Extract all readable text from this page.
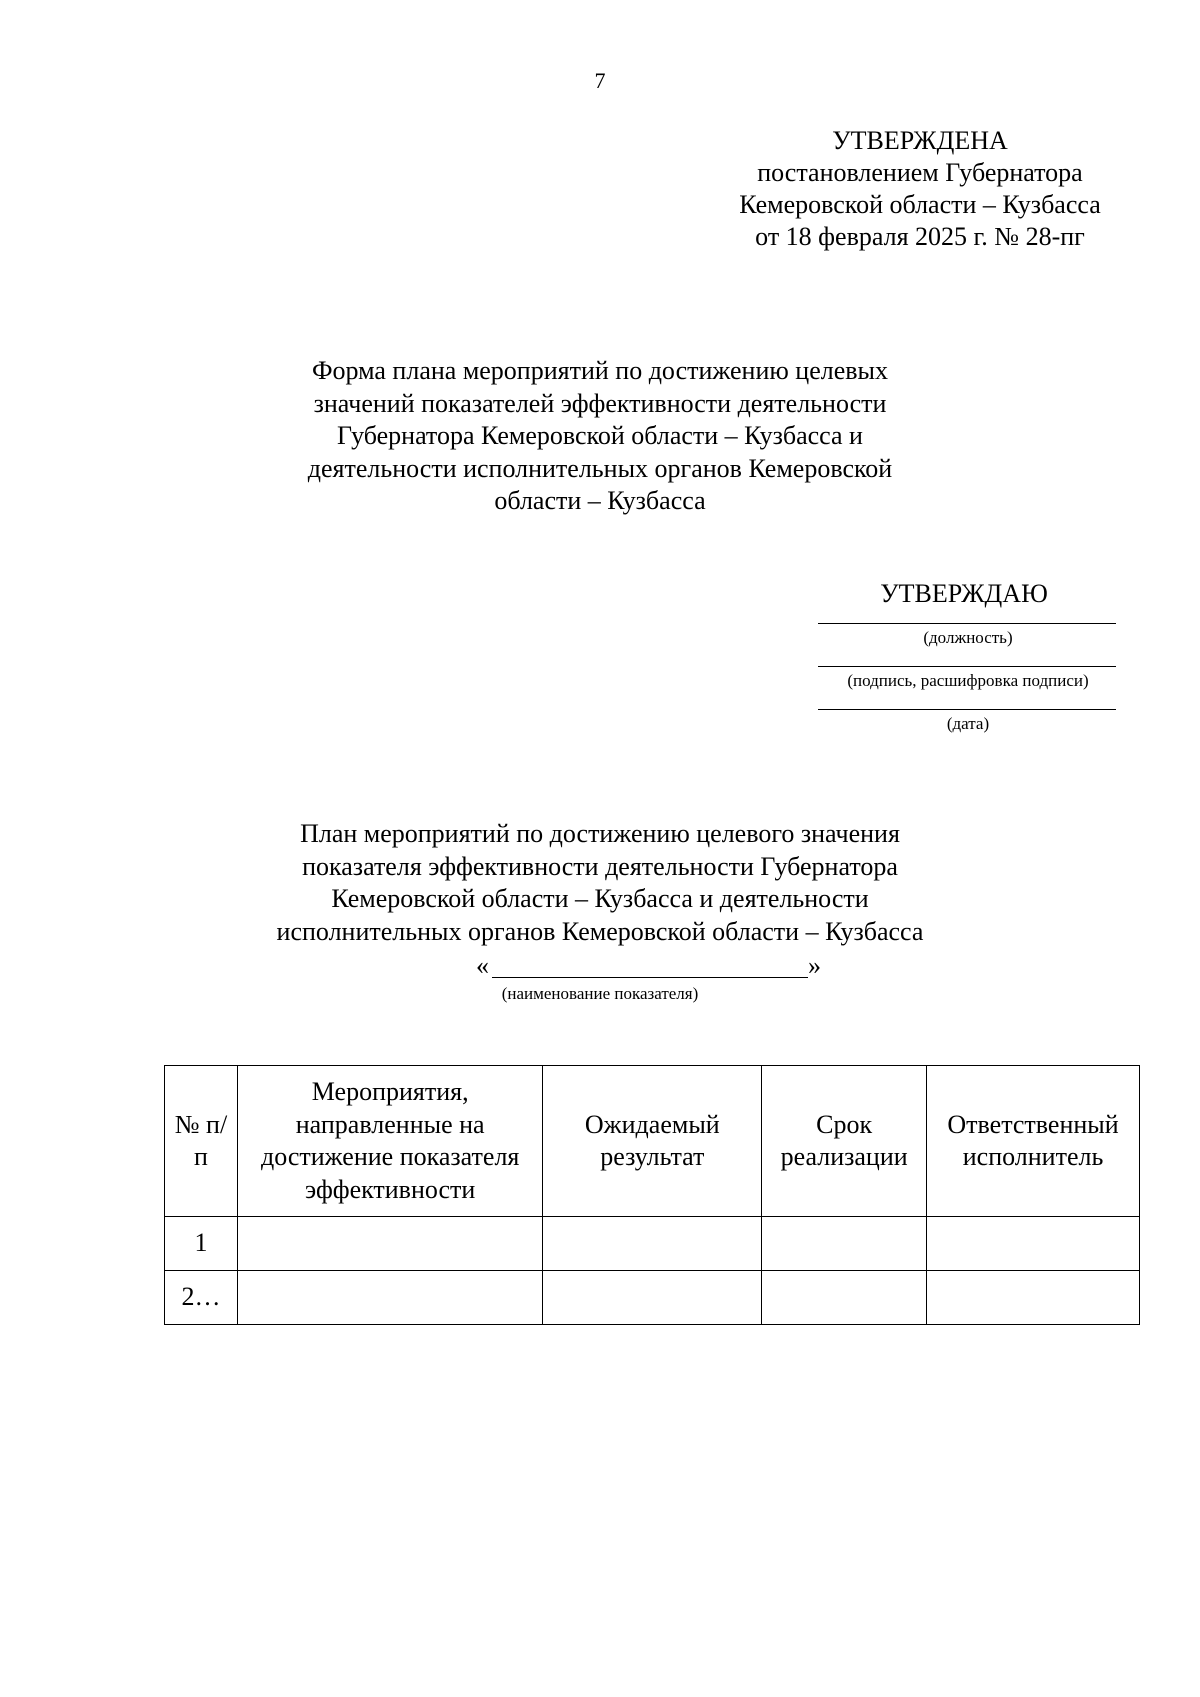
7
УТВЕРЖДЕНА
постановлением Губернатора
Кемеровской области – Кузбасса
от 18 февраля 2025 г. № 28-пг
Форма плана мероприятий по достижению целевых
значений показателей эффективности деятельности
Губернатора Кемеровской области – Кузбасса и
деятельности исполнительных органов Кемеровской
области – Кузбасса
УТВЕРЖДАЮ
(должность)
(подпись, расшифровка подписи)
(дата)
План мероприятий по достижению целевого значения
показателя эффективности деятельности Губернатора
Кемеровской области – Кузбасса и деятельности
исполнительных органов Кемеровской области – Кузбасса
«	»
(наименование показателя)
№ п/п	Мероприятия, направленные на достижение показателя эффективности	Ожидаемый результат	Срок реализации	Ответственный исполнитель
1				
2…				
